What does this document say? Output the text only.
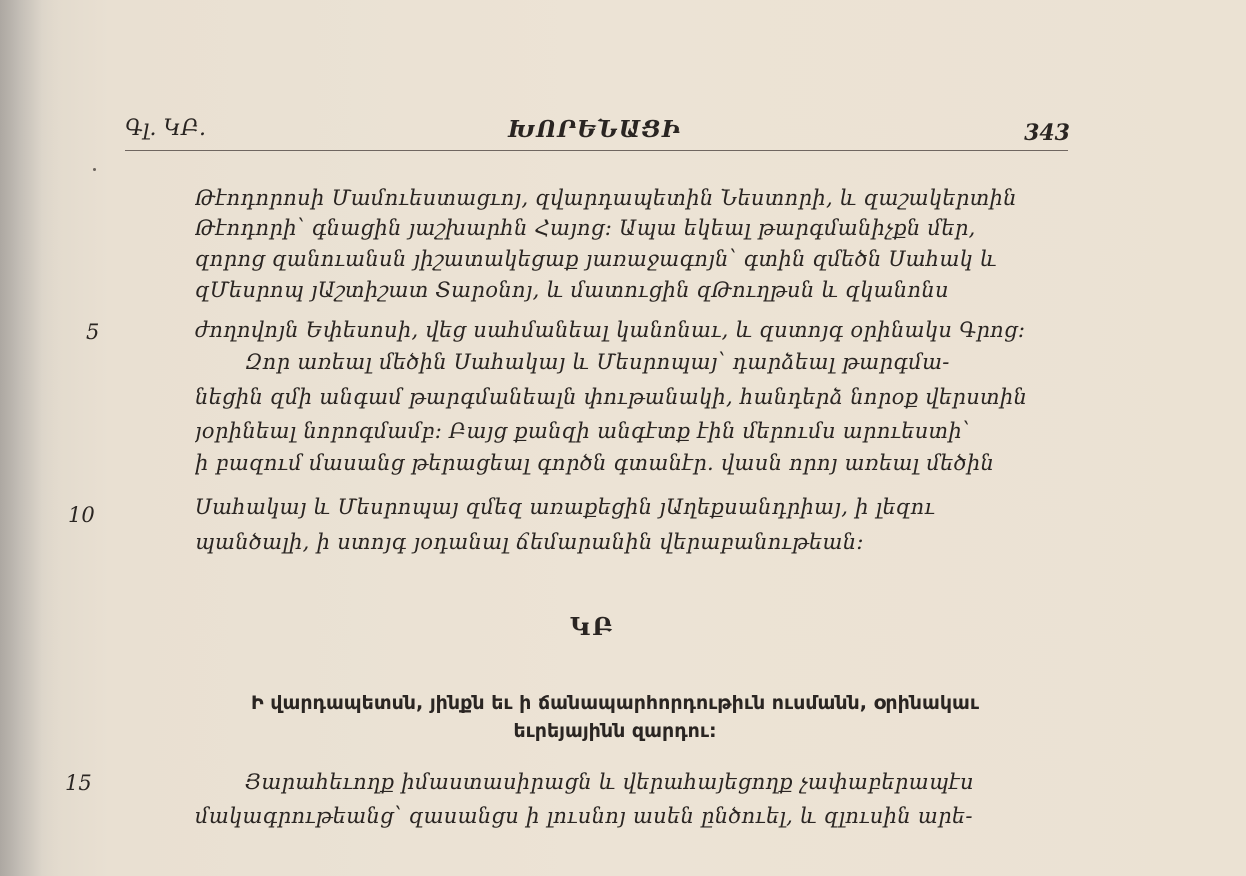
Գլ. ԿԲ.	ԽՈՐԵՆԱՑԻ	343
Թէոդորոսի Մամուեստացւոյ, զվարդապետին Նեստորի, և զաշակերտին
Թէոդորի՝ գնացին յաշխարհն Հայոց։ Ապա եկեալ թարգմանիչքն մեր,
զորոց զանուանսն յիշատակեցաք յառաջագոյն՝ գտին զմեծն Սահակ և
զՄեսրոպ յԱշտիշատ Տարօնոյ, և մատուցին զԹուղթսն և զկանոնս
5	ժողովոյն Եփեսոսի, վեց սահմանեալ կանոնաւ, և զստոյգ օրինակս Գրոց։
Զոր առեալ մեծին Սահակայ և Մեսրոպայ՝ դարձեալ թարգմա-
նեցին զմի անգամ թարգմանեալն փութանակի, հանդերձ նորօք վերստին
յօրինեալ նորոգմամբ։ Բայց քանզի անգէտք էին մերումս արուեստի՝
ի բազում մասանց թերացեալ գործն գտանէր. վասն որոյ առեալ մեծին
10	Սահակայ և Մեսրոպայ զմեզ առաքեցին յԱղեքսանդրիայ, ի լեզու
պանծալի, ի ստոյգ յօդանալ ճեմարանին վերաբանութեան։
ԿԲ
Ի վարդապետսն, յինքն եւ ի ճանապարհորդութիւն ուսմանն, օրինակաւ
եւրեյայինն զարդու:
15	Յարահեւողք իմաստասիրացն և վերահայեցողք չափաբերապէս
մակագրութեանց՝ զասանցս ի լուսնոյ ասեն ընծուել, և զլուսին արե-
